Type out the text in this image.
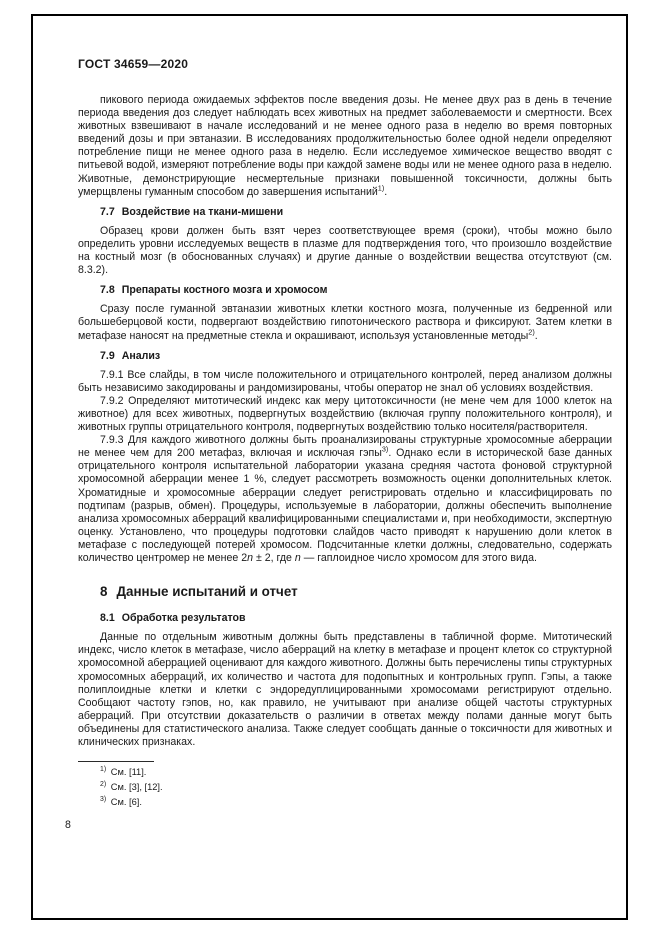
ГОСТ 34659—2020

пикового периода ожидаемых эффектов после введения дозы. Не менее двух раз в день в течение периода введения доз следует наблюдать всех животных на предмет заболеваемости и смертности. Всех животных взвешивают в начале исследований и не менее одного раза в неделю во время повторных введений дозы и при эвтаназии. В исследованиях продолжительностью более одной недели определяют потребление пищи не менее одного раза в неделю. Если исследуемое химическое вещество вводят с питьевой водой, измеряют потребление воды при каждой замене воды или не менее одного раза в неделю. Животные, демонстрирующие несмертельные признаки повышенной токсичности, должны быть умерщвлены гуманным способом до завершения испытаний$^{1)}$.

7.7 Воздействие на ткани-мишени

Образец крови должен быть взят через соответствующее время (сроки), чтобы можно было определить уровни исследуемых веществ в плазме для подтверждения того, что произошло воздействие на костный мозг (в обоснованных случаях) и другие данные о воздействии вещества отсутствуют (см. 8.3.2).

7.8 Препараты костного мозга и хромосом

Сразу после гуманной эвтаназии животных клетки костного мозга, полученные из бедренной или большеберцовой кости, подвергают воздействию гипотонического раствора и фиксируют. Затем клетки в метафазе наносят на предметные стекла и окрашивают, используя установленные методы$^{2)}$.

7.9 Анализ

7.9.1 Все слайды, в том числе положительного и отрицательного контролей, перед анализом должны быть независимо закодированы и рандомизированы, чтобы оператор не знал об условиях воздействия.

7.9.2 Определяют митотический индекс как меру цитотоксичности (не мене чем для 1000 клеток на животное) для всех животных, подвергнутых воздействию (включая группу положительного контроля), и животных группы отрицательного контроля, подвергнутых воздействию только носителя/растворителя.

7.9.3 Для каждого животного должны быть проанализированы структурные хромосомные аберрации не менее чем для 200 метафаз, включая и исключая гэпы$^{3)}$. Однако если в исторической базе данных отрицательного контроля испытательной лаборатории указана средняя частота фоновой структурной хромосомной аберрации менее 1 %, следует рассмотреть возможность оценки дополнительных клеток. Хроматидные и хромосомные аберрации следует регистрировать отдельно и классифицировать по подтипам (разрыв, обмен). Процедуры, используемые в лаборатории, должны обеспечить выполнение анализа хромосомных аберраций квалифицированными специалистами и, при необходимости, экспертную оценку. Установлено, что процедуры подготовки слайдов часто приводят к нарушению доли клеток в метафазе с последующей потерей хромосом. Подсчитанные клетки должны, следовательно, содержать количество центромер не менее 2n ± 2, где n — гаплоидное число хромосом для этого вида.

8 Данные испытаний и отчет
8.1 Обработка результатов

Данные по отдельным животным должны быть представлены в табличной форме. Митотический индекс, число клеток в метафазе, число аберраций на клетку в метафазе и процент клеток со структурной хромосомной аберрацией оценивают для каждого животного. Должны быть перечислены типы структурных хромосомных аберраций, их количество и частота для подопытных и контрольных групп. Гэпы, а также полиплоидные клетки и клетки с эндоредуплицированными хромосомами регистрируют отдельно. Сообщают частоту гэпов, но, как правило, не учитывают при анализе общей частоты структурных аберраций. При отсутствии доказательств о различии в ответах между полами данные могут быть объединены для статистического анализа. Также следует сообщать данные о токсичности для животных и клинических признаках.

$^{1)}$ См. [11].
$^{2)}$ См. [3], [12].
$^{3)}$ См. [6].
8
